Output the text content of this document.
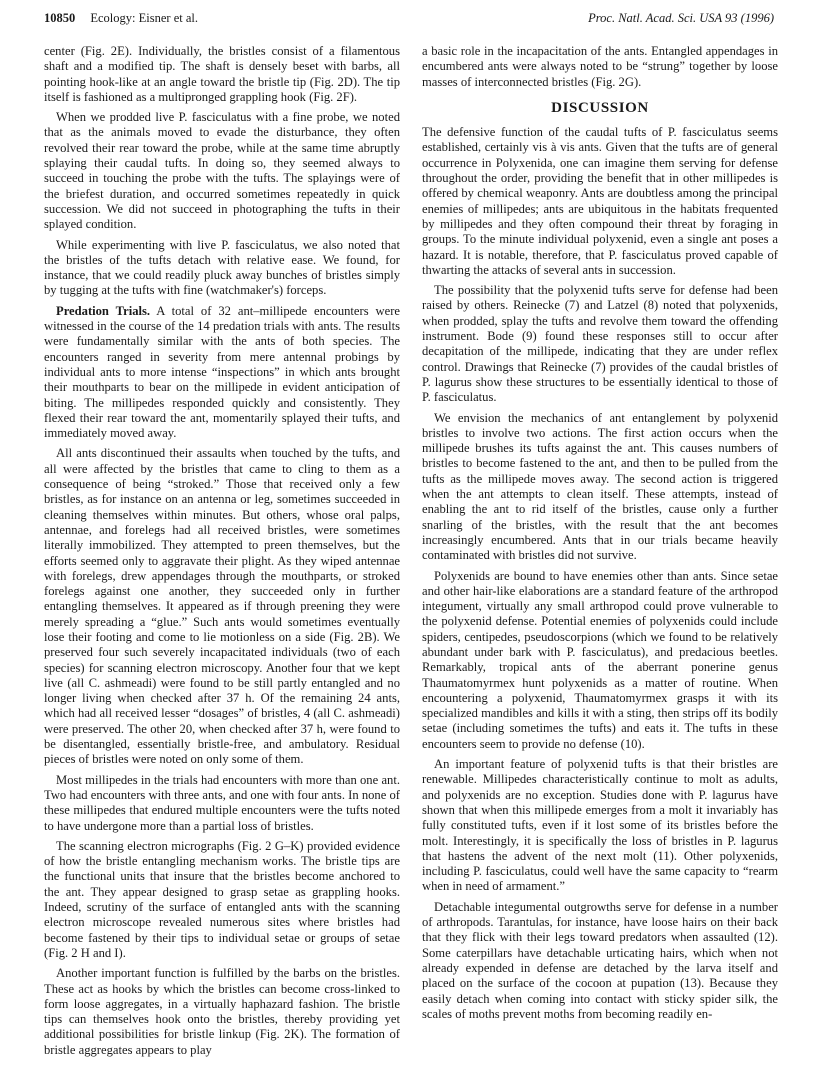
10850 Ecology: Eisner et al.	Proc. Natl. Acad. Sci. USA 93 (1996)

center (Fig. 2E). Individually, the bristles consist of a filamentous shaft and a modified tip. The shaft is densely beset with barbs, all pointing hook-like at an angle toward the bristle tip (Fig. 2D). The tip itself is fashioned as a multipronged grappling hook (Fig. 2F).

When we prodded live P. fasciculatus with a fine probe, we noted that as the animals moved to evade the disturbance, they often revolved their rear toward the probe, while at the same time abruptly splaying their caudal tufts. In doing so, they seemed always to succeed in touching the probe with the tufts. The splayings were of the briefest duration, and occurred sometimes repeatedly in quick succession. We did not succeed in photographing the tufts in their splayed condition.

While experimenting with live P. fasciculatus, we also noted that the bristles of the tufts detach with relative ease. We found, for instance, that we could readily pluck away bunches of bristles simply by tugging at the tufts with fine (watchmaker's) forceps.

Predation Trials. A total of 32 ant–millipede encounters were witnessed in the course of the 14 predation trials with ants. The results were fundamentally similar with the ants of both species. The encounters ranged in severity from mere antennal probings by individual ants to more intense “inspections” in which ants brought their mouthparts to bear on the millipede in evident anticipation of biting. The millipedes responded quickly and consistently. They flexed their rear toward the ant, momentarily splayed their tufts, and immediately moved away.

All ants discontinued their assaults when touched by the tufts, and all were affected by the bristles that came to cling to them as a consequence of being “stroked.” Those that received only a few bristles, as for instance on an antenna or leg, sometimes succeeded in cleaning themselves within minutes. But others, whose oral palps, antennae, and forelegs had all received bristles, were sometimes literally immobilized. They attempted to preen themselves, but the efforts seemed only to aggravate their plight. As they wiped antennae with forelegs, drew appendages through the mouthparts, or stroked forelegs against one another, they succeeded only in further entangling themselves. It appeared as if through preening they were merely spreading a “glue.” Such ants would sometimes eventually lose their footing and come to lie motionless on a side (Fig. 2B). We preserved four such severely incapacitated individuals (two of each species) for scanning electron microscopy. Another four that we kept live (all C. ashmeadi) were found to be still partly entangled and no longer living when checked after 37 h. Of the remaining 24 ants, which had all received lesser “dosages” of bristles, 4 (all C. ashmeadi) were preserved. The other 20, when checked after 37 h, were found to be disentangled, essentially bristle-free, and ambulatory. Residual pieces of bristles were noted on only some of them.

Most millipedes in the trials had encounters with more than one ant. Two had encounters with three ants, and one with four ants. In none of these millipedes that endured multiple encounters were the tufts noted to have undergone more than a partial loss of bristles.

The scanning electron micrographs (Fig. 2 G–K) provided evidence of how the bristle entangling mechanism works. The bristle tips are the functional units that insure that the bristles become anchored to the ant. They appear designed to grasp setae as grappling hooks. Indeed, scrutiny of the surface of entangled ants with the scanning electron microscope revealed numerous sites where bristles had become fastened by their tips to individual setae or groups of setae (Fig. 2 H and I).

Another important function is fulfilled by the barbs on the bristles. These act as hooks by which the bristles can become cross-linked to form loose aggregates, in a virtually haphazard fashion. The bristle tips can themselves hook onto the bristles, thereby providing yet additional possibilities for bristle linkup (Fig. 2K). The formation of bristle aggregates appears to play

a basic role in the incapacitation of the ants. Entangled appendages in encumbered ants were always noted to be “strung” together by loose masses of interconnected bristles (Fig. 2G).

DISCUSSION

The defensive function of the caudal tufts of P. fasciculatus seems established, certainly vis à vis ants. Given that the tufts are of general occurrence in Polyxenida, one can imagine them serving for defense throughout the order, providing the benefit that in other millipedes is offered by chemical weaponry. Ants are doubtless among the principal enemies of millipedes; ants are ubiquitous in the habitats frequented by millipedes and they often compound their threat by foraging in groups. To the minute individual polyxenid, even a single ant poses a hazard. It is notable, therefore, that P. fasciculatus proved capable of thwarting the attacks of several ants in succession.

The possibility that the polyxenid tufts serve for defense had been raised by others. Reinecke (7) and Latzel (8) noted that polyxenids, when prodded, splay the tufts and revolve them toward the offending instrument. Bode (9) found these responses still to occur after decapitation of the millipede, indicating that they are under reflex control. Drawings that Reinecke (7) provides of the caudal bristles of P. lagurus show these structures to be essentially identical to those of P. fasciculatus.

We envision the mechanics of ant entanglement by polyxenid bristles to involve two actions. The first action occurs when the millipede brushes its tufts against the ant. This causes numbers of bristles to become fastened to the ant, and then to be pulled from the tufts as the millipede moves away. The second action is triggered when the ant attempts to clean itself. These attempts, instead of enabling the ant to rid itself of the bristles, cause only a further snarling of the bristles, with the result that the ant becomes increasingly encumbered. Ants that in our trials became heavily contaminated with bristles did not survive.

Polyxenids are bound to have enemies other than ants. Since setae and other hair-like elaborations are a standard feature of the arthropod integument, virtually any small arthropod could prove vulnerable to the polyxenid defense. Potential enemies of polyxenids could include spiders, centipedes, pseudoscorpions (which we found to be relatively abundant under bark with P. fasciculatus), and predacious beetles. Remarkably, tropical ants of the aberrant ponerine genus Thaumatomyrmex hunt polyxenids as a matter of routine. When encountering a polyxenid, Thaumatomyrmex grasps it with its specialized mandibles and kills it with a sting, then strips off its bodily setae (including sometimes the tufts) and eats it. The tufts in these encounters seem to provide no defense (10).

An important feature of polyxenid tufts is that their bristles are renewable. Millipedes characteristically continue to molt as adults, and polyxenids are no exception. Studies done with P. lagurus have shown that when this millipede emerges from a molt it invariably has fully constituted tufts, even if it lost some of its bristles before the molt. Interestingly, it is specifically the loss of bristles in P. lagurus that hastens the advent of the next molt (11). Other polyxenids, including P. fasciculatus, could well have the same capacity to “rearm when in need of armament.”

Detachable integumental outgrowths serve for defense in a number of arthropods. Tarantulas, for instance, have loose hairs on their back that they flick with their legs toward predators when assaulted (12). Some caterpillars have detachable urticating hairs, which when not already expended in defense are detached by the larva itself and placed on the surface of the cocoon at pupation (13). Because they easily detach when coming into contact with sticky spider silk, the scales of moths prevent moths from becoming readily en-
